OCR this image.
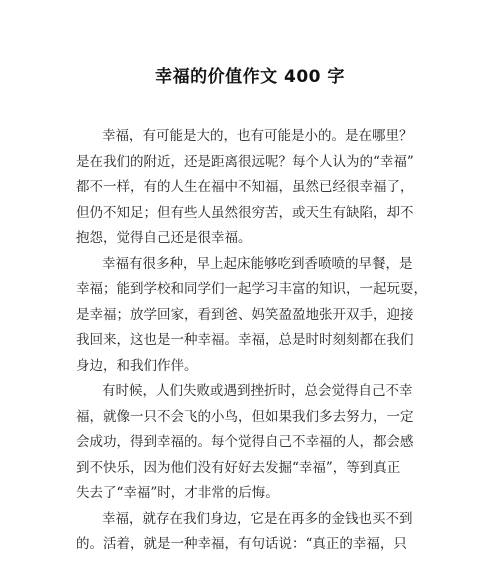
幸福的价值作文 400 字
幸福，有可能是大的，也有可能是小的。是在哪里？
是在我们的附近，还是距离很远呢？每个人认为的“幸福”
都不一样，有的人生在福中不知福，虽然已经很幸福了，
但仍不知足；但有些人虽然很穷苦，或天生有缺陷，却不
抱怨，觉得自己还是很幸福。
幸福有很多种，早上起床能够吃到香喷喷的早餐，是
幸福；能到学校和同学们一起学习丰富的知识，一起玩耍，
是幸福；放学回家，看到爸、妈笑盈盈地张开双手，迎接
我回来，这也是一种幸福。幸福，总是时时刻刻都在我们
身边，和我们作伴。
有时候，人们失败或遇到挫折时，总会觉得自己不幸
福，就像一只不会飞的小鸟，但如果我们多去努力，一定
会成功，得到幸福的。每个觉得自己不幸福的人，都会感
到不快乐，因为他们没有好好去发掘“幸福”，等到真正
失去了“幸福”时，才非常的后悔。
幸福，就存在我们身边，它是在再多的金钱也买不到
的。活着，就是一种幸福，有句话说：“真正的幸福，只
